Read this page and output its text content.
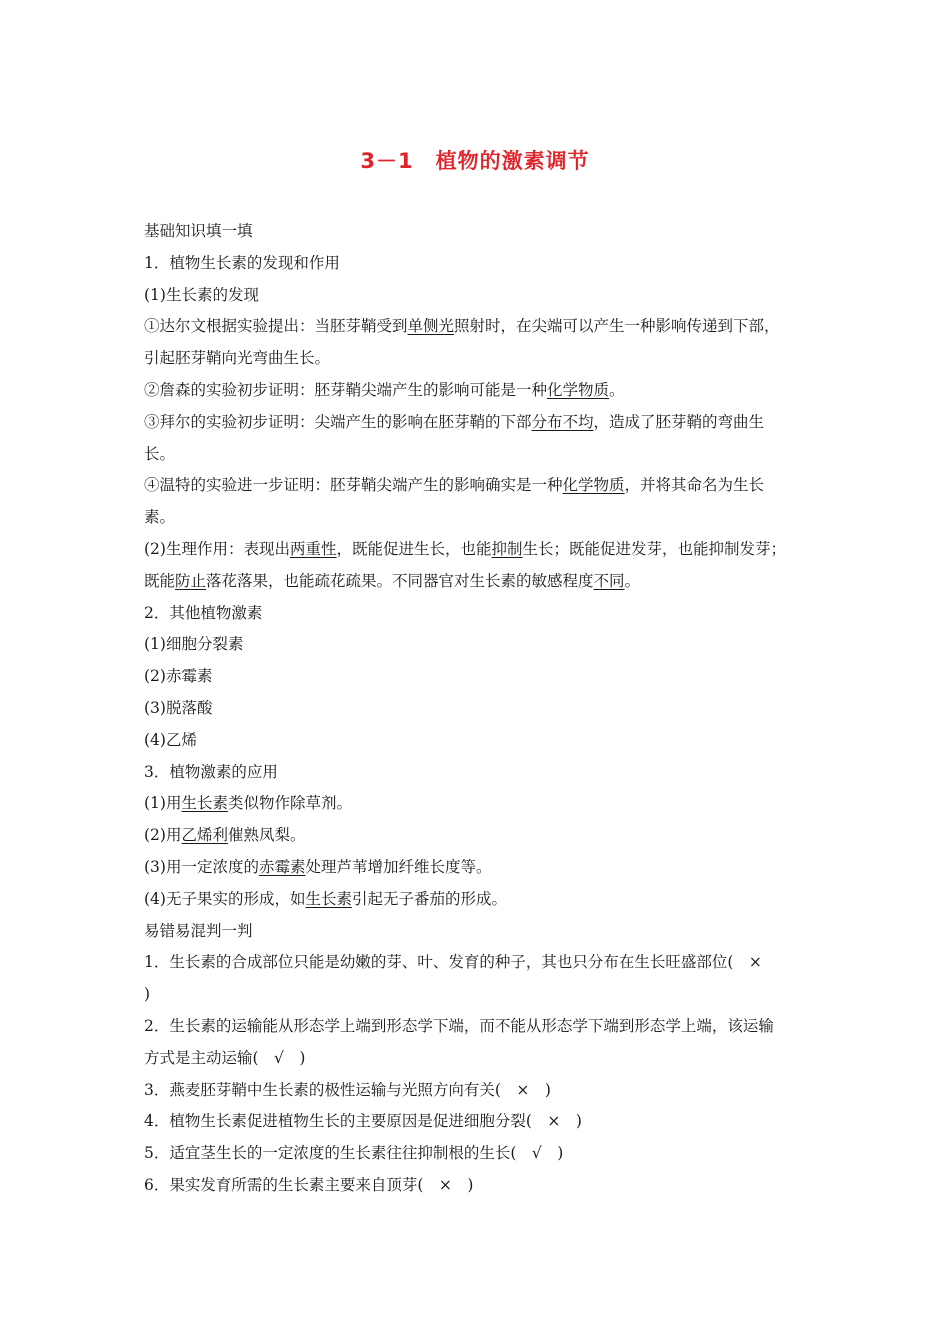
3－1　植物的激素调节
基础知识填一填
1．植物生长素的发现和作用
(1)生长素的发现
①达尔文根据实验提出：当胚芽鞘受到单侧光照射时，在尖端可以产生一种影响传递到下部，
引起胚芽鞘向光弯曲生长。
②詹森的实验初步证明：胚芽鞘尖端产生的影响可能是一种化学物质。
③拜尔的实验初步证明：尖端产生的影响在胚芽鞘的下部分布不均，造成了胚芽鞘的弯曲生
长。
④温特的实验进一步证明：胚芽鞘尖端产生的影响确实是一种化学物质，并将其命名为生长
素。
(2)生理作用：表现出两重性，既能促进生长，也能抑制生长；既能促进发芽，也能抑制发芽；
既能防止落花落果，也能疏花疏果。不同器官对生长素的敏感程度不同。
2．其他植物激素
(1)细胞分裂素
(2)赤霉素
(3)脱落酸
(4)乙烯
3．植物激素的应用
(1)用生长素类似物作除草剂。
(2)用乙烯利催熟凤梨。
(3)用一定浓度的赤霉素处理芦苇增加纤维长度等。
(4)无子果实的形成，如生长素引起无子番茄的形成。
易错易混判一判
1．生长素的合成部位只能是幼嫩的芽、叶、发育的种子，其也只分布在生长旺盛部位(　×
)
2．生长素的运输能从形态学上端到形态学下端，而不能从形态学下端到形态学上端，该运输
方式是主动运输(　√　)
3．燕麦胚芽鞘中生长素的极性运输与光照方向有关(　×　)
4．植物生长素促进植物生长的主要原因是促进细胞分裂(　×　)
5．适宜茎生长的一定浓度的生长素往往抑制根的生长(　√　)
6．果实发育所需的生长素主要来自顶芽(　×　)
